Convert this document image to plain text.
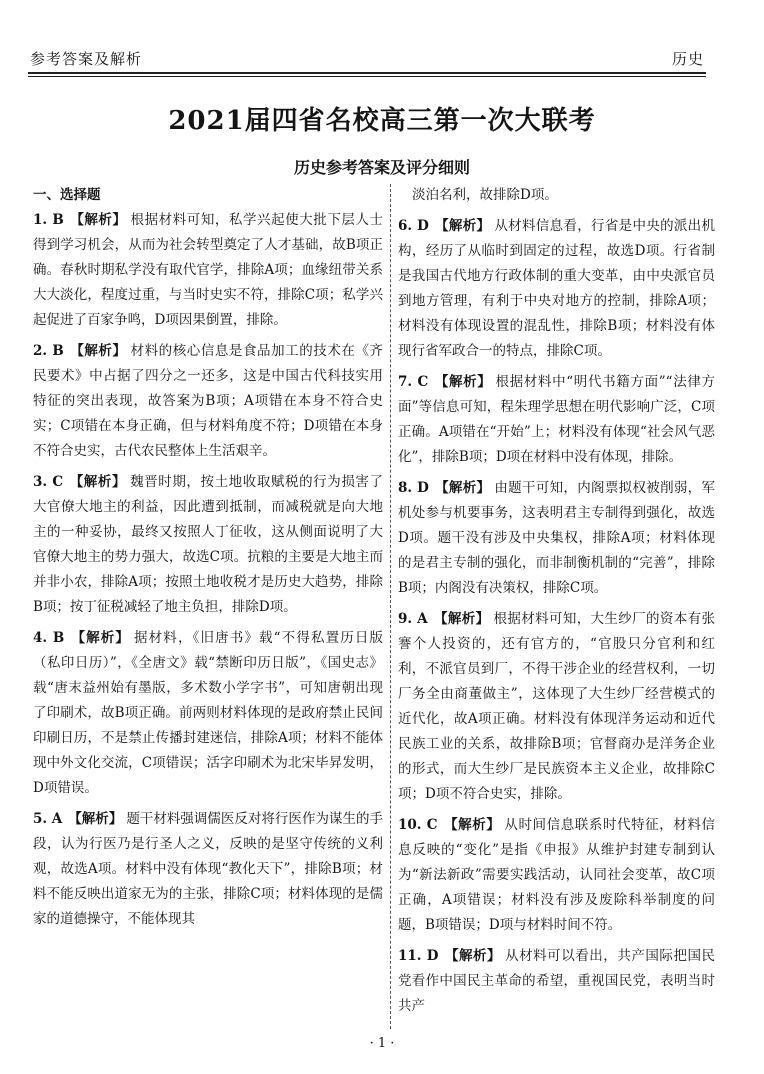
参考答案及解析	历史
2021届四省名校高三第一次大联考
历史参考答案及评分细则

一、选择题

1. B 【解析】 根据材料可知，私学兴起使大批下层人士得到学习机会，从而为社会转型奠定了人才基础，故B项正确。春秋时期私学没有取代官学，排除A项；血缘纽带关系大大淡化，程度过重，与当时史实不符，排除C项；私学兴起促进了百家争鸣，D项因果倒置，排除。

2. B 【解析】 材料的核心信息是食品加工的技术在《齐民要术》中占据了四分之一还多，这是中国古代科技实用特征的突出表现，故答案为B项；A项错在本身不符合史实；C项错在本身正确，但与材料角度不符；D项错在本身不符合史实，古代农民整体上生活艰辛。

3. C 【解析】 魏晋时期，按土地收取赋税的行为损害了大官僚大地主的利益，因此遭到抵制，而减税就是向大地主的一种妥协，最终又按照人丁征收，这从侧面说明了大官僚大地主的势力强大，故选C项。抗粮的主要是大地主而并非小农，排除A项；按照土地收税才是历史大趋势，排除B项；按丁征税减轻了地主负担，排除D项。

4. B 【解析】 据材料，《旧唐书》载“不得私置历日版（私印日历）”，《全唐文》载“禁断印历日版”，《国史志》载“唐末益州始有墨版，多术数小学字书”，可知唐朝出现了印刷术，故B项正确。前两则材料体现的是政府禁止民间印刷日历，不是禁止传播封建迷信，排除A项；材料不能体现中外文化交流，C项错误；活字印刷术为北宋毕昇发明，D项错误。

5. A 【解析】 题干材料强调儒医反对将行医作为谋生的手段，认为行医乃是行圣人之义，反映的是坚守传统的义利观，故选A项。材料中没有体现“教化天下”，排除B项；材料不能反映出道家无为的主张，排除C项；材料体现的是儒家的道德操守，不能体现其

淡泊名利，故排除D项。

6. D 【解析】 从材料信息看，行省是中央的派出机构，经历了从临时到固定的过程，故选D项。行省制是我国古代地方行政体制的重大变革，由中央派官员到地方管理，有利于中央对地方的控制，排除A项；材料没有体现设置的混乱性，排除B项；材料没有体现行省军政合一的特点，排除C项。

7. C 【解析】 根据材料中“明代书籍方面”“法律方面”等信息可知，程朱理学思想在明代影响广泛，C项正确。A项错在“开始”上；材料没有体现“社会风气恶化”，排除B项；D项在材料中没有体现，排除。

8. D 【解析】 由题干可知，内阁票拟权被削弱，军机处参与机要事务，这表明君主专制得到强化，故选D项。题干没有涉及中央集权，排除A项；材料体现的是君主专制的强化，而非制衡机制的“完善”，排除B项；内阁没有决策权，排除C项。

9. A 【解析】 根据材料可知，大生纱厂的资本有张謇个人投资的，还有官方的，“官股只分官利和红利，不派官员到厂，不得干涉企业的经营权利，一切厂务全由商董做主”，这体现了大生纱厂经营模式的近代化，故A项正确。材料没有体现洋务运动和近代民族工业的关系，故排除B项；官督商办是洋务企业的形式，而大生纱厂是民族资本主义企业，故排除C项；D项不符合史实，排除。

10. C 【解析】 从时间信息联系时代特征，材料信息反映的“变化”是指《申报》从维护封建专制到认为“新法新政”需要实践活动，认同社会变革，故C项正确，A项错误；材料没有涉及废除科举制度的问题，B项错误；D项与材料时间不符。

11. D 【解析】 从材料可以看出，共产国际把国民党看作中国民主革命的希望，重视国民党，表明当时共产

· 1 ·
